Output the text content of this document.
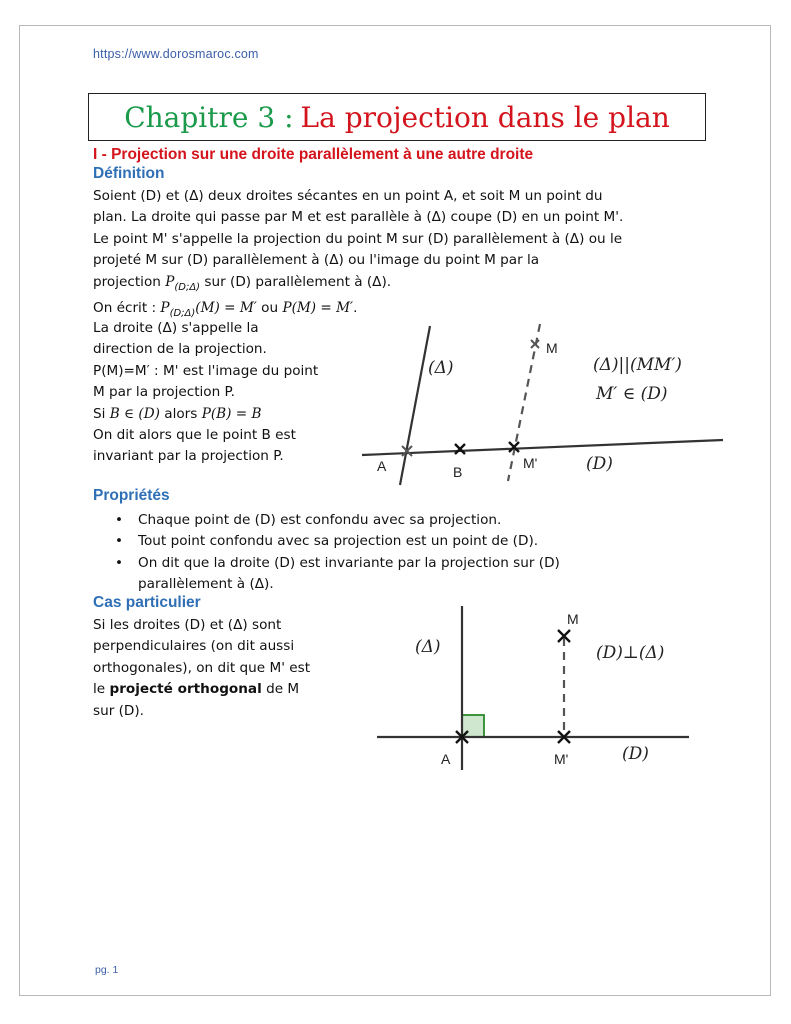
https://www.dorosmaroc.com
Chapitre 3 : La projection dans le plan
I - Projection sur une droite parallèlement à une autre droite
Définition
Soient (D) et (Δ) deux droites sécantes en un point A, et soit M un point du
plan. La droite qui passe par M et est parallèle à (Δ) coupe (D) en un point M'.
Le point M' s'appelle la projection du point M sur (D) parallèlement à (Δ) ou le
projeté M sur (D) parallèlement à (Δ) ou l'image du point M par la
projection $P_{(D;\Delta)}$ sur (D) parallèlement à (Δ).
On écrit : $P_{(D;\Delta)}(M) = M'$ ou P(M) = M′.
La droite (Δ) s'appelle la
direction de la projection.
P(M)=M′ : M' est l'image du point
M par la projection P.
Si B ∈ (D) alors P(B) = B
On dit alors que le point B est
invariant par la projection P.
(Δ)
M
(Δ)||(MM′)
M′ ∈ (D)
A	B
M'	(D)
Propriétés
• Chaque point de (D) est confondu avec sa projection.
• Tout point confondu avec sa projection est un point de (D).
• On dit que la droite (D) est invariante par la projection sur (D)
parallèlement à (Δ).
Cas particulier
Si les droites (D) et (Δ) sont
perpendiculaires (on dit aussi
orthogonales), on dit que M' est
le projecté orthogonal de M
sur (D).
(Δ)
M
(D)⊥(Δ)
A	M'	(D)
pg. 1
